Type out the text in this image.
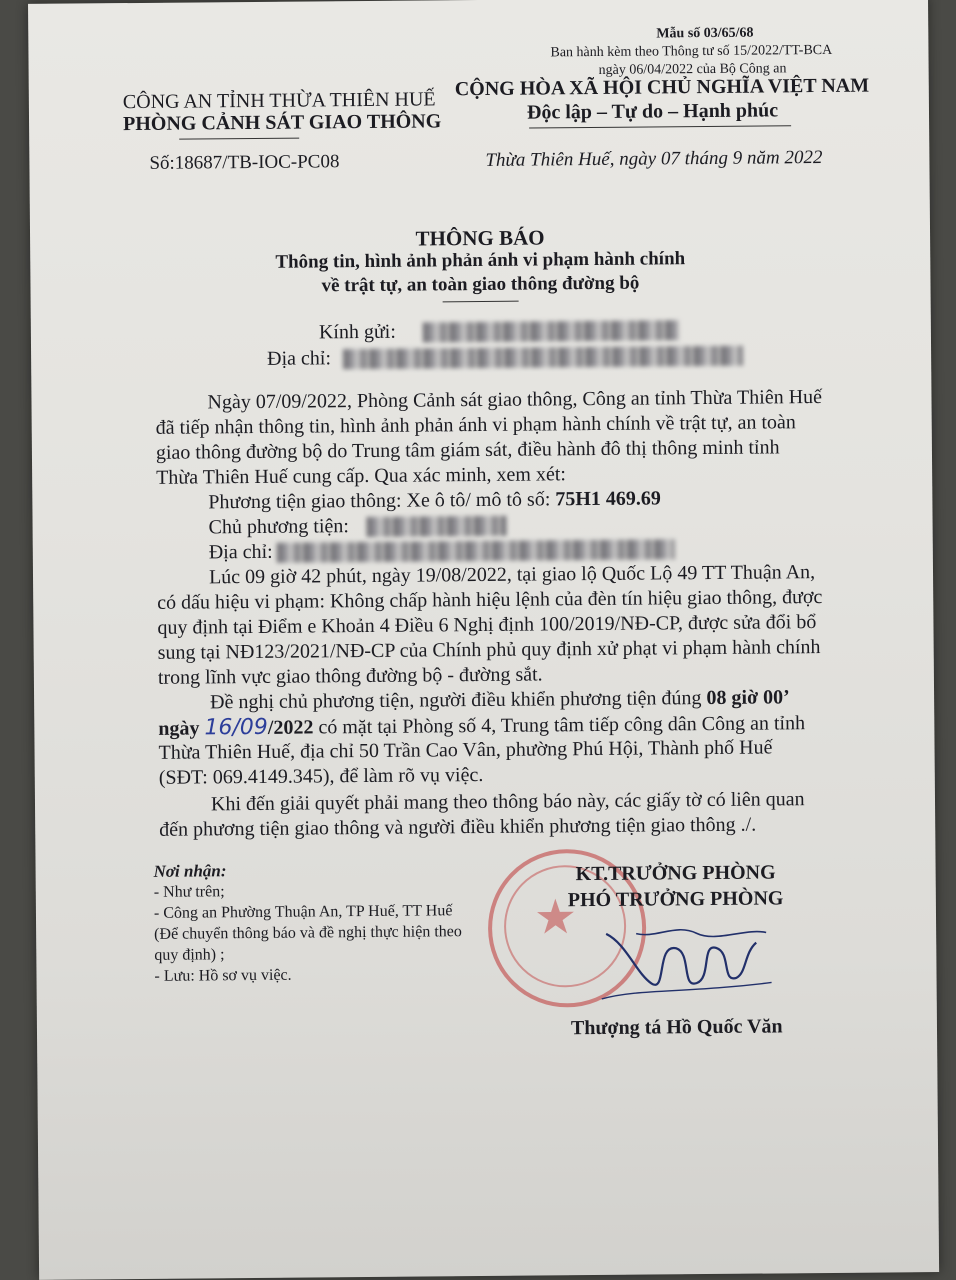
Mẫu số 03/65/68
Ban hành kèm theo Thông tư số 15/2022/TT-BCA
ngày 06/04/2022 của Bộ Công an
CÔNG AN TỈNH THỪA THIÊN HUẾ
PHÒNG CẢNH SÁT GIAO THÔNG
CỘNG HÒA XÃ HỘI CHỦ NGHĨA VIỆT NAM
Độc lập – Tự do – Hạnh phúc
Số:18687/TB-IOC-PC08	Thừa Thiên Huế, ngày 07 tháng 9 năm 2022
THÔNG BÁO
Thông tin, hình ảnh phản ánh vi phạm hành chính
về trật tự, an toàn giao thông đường bộ
Kính gửi:
Địa chỉ:
Ngày 07/09/2022, Phòng Cảnh sát giao thông, Công an tỉnh Thừa Thiên Huế
đã tiếp nhận thông tin, hình ảnh phản ánh vi phạm hành chính về trật tự, an toàn
giao thông đường bộ do Trung tâm giám sát, điều hành đô thị thông minh tỉnh
Thừa Thiên Huế cung cấp. Qua xác minh, xem xét:
Phương tiện giao thông: Xe ô tô/ mô tô số: 75H1 469.69
Chủ phương tiện:
Địa chỉ:
Lúc 09 giờ 42 phút, ngày 19/08/2022, tại giao lộ Quốc Lộ 49 TT Thuận An,
có dấu hiệu vi phạm: Không chấp hành hiệu lệnh của đèn tín hiệu giao thông, được
quy định tại Điểm e Khoản 4 Điều 6 Nghị định 100/2019/NĐ-CP, được sửa đổi bổ
sung tại NĐ123/2021/NĐ-CP của Chính phủ quy định xử phạt vi phạm hành chính
trong lĩnh vực giao thông đường bộ - đường sắt.
Đề nghị chủ phương tiện, người điều khiển phương tiện đúng 08 giờ 00’
ngày 16/09/2022 có mặt tại Phòng số 4, Trung tâm tiếp công dân Công an tỉnh
Thừa Thiên Huế, địa chỉ 50 Trần Cao Vân, phường Phú Hội, Thành phố Huế
(SĐT: 069.4149.345), để làm rõ vụ việc.
Khi đến giải quyết phải mang theo thông báo này, các giấy tờ có liên quan
đến phương tiện giao thông và người điều khiển phương tiện giao thông ./.
Nơi nhận:
- Như trên;
- Công an Phường Thuận An, TP Huế, TT Huế
(Để chuyển thông báo và đề nghị thực hiện theo
quy định) ;
- Lưu: Hồ sơ vụ việc.
★
KT.TRƯỞNG PHÒNG
PHÓ TRƯỞNG PHÒNG
Thượng tá Hồ Quốc Văn
